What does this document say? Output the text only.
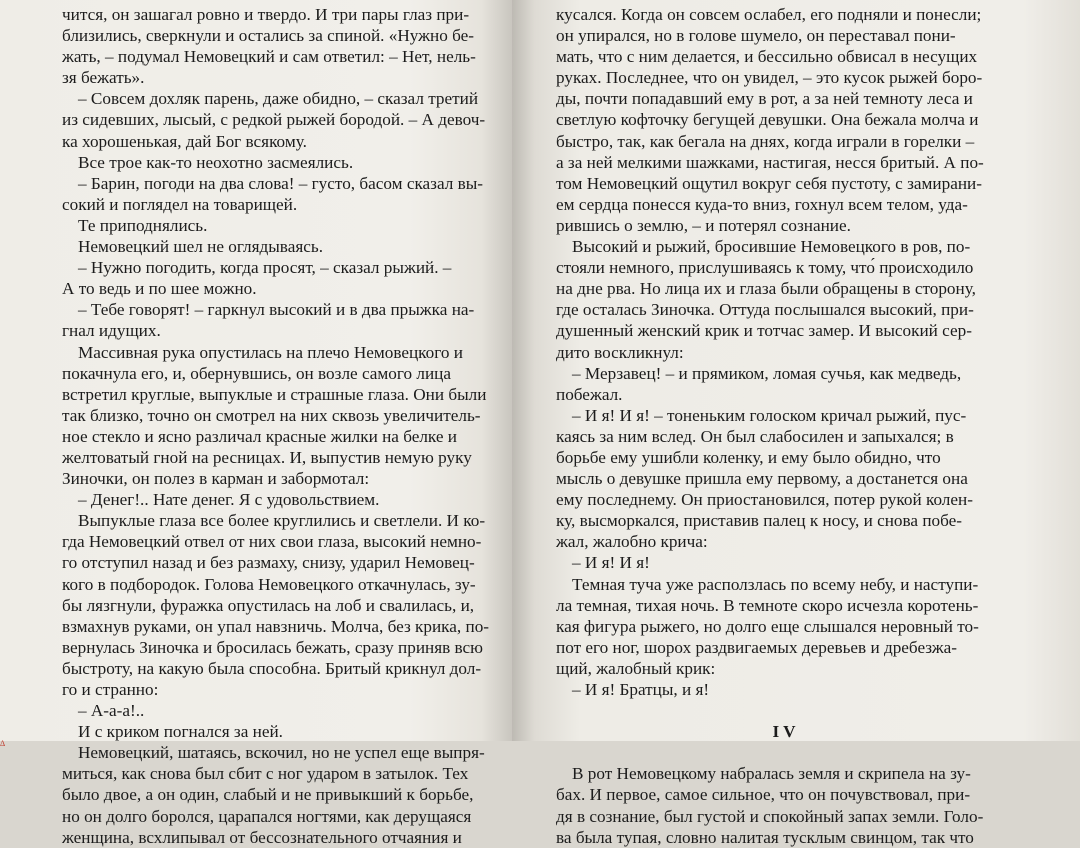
чится, он зашагал ровно и твердо. И три пары глаз при-
близились, сверкнули и остались за спиной. «Нужно бе-
жать, – подумал Немовецкий и сам ответил: – Нет, нель-
зя бежать».
– Совсем дохляк парень, даже обидно, – сказал третий
из сидевших, лысый, с редкой рыжей бородой. – А девоч-
ка хорошенькая, дай Бог всякому.
Все трое как-то неохотно засмеялись.
– Барин, погоди на два слова! – густо, басом сказал вы-
сокий и поглядел на товарищей.
Те приподнялись.
Немовецкий шел не оглядываясь.
– Нужно погодить, когда просят, – сказал рыжий. –
А то ведь и по шее можно.
– Тебе говорят! – гаркнул высокий и в два прыжка на-
гнал идущих.
Массивная рука опустилась на плечо Немовецкого и
покачнула его, и, обернувшись, он возле самого лица
встретил круглые, выпуклые и страшные глаза. Они были
так близко, точно он смотрел на них сквозь увеличитель-
ное стекло и ясно различал красные жилки на белке и
желтоватый гной на ресницах. И, выпустив немую руку
Зиночки, он полез в карман и забормотал:
– Денег!.. Нате денег. Я с удовольствием.
Выпуклые глаза все более круглились и светлели. И ко-
гда Немовецкий отвел от них свои глаза, высокий немно-
го отступил назад и без размаху, снизу, ударил Немовец-
кого в подбородок. Голова Немовецкого откачнулась, зу-
бы лязгнули, фуражка опустилась на лоб и свалилась, и,
взмахнув руками, он упал навзничь. Молча, без крика, по-
вернулась Зиночка и бросилась бежать, сразу приняв всю
быстроту, на какую была способна. Бритый крикнул дол-
го и странно:
– А-а-а!..
И с криком погнался за ней.
Немовецкий, шатаясь, вскочил, но не успел еще выпря-
миться, как снова был сбит с ног ударом в затылок. Тех
было двое, а он один, слабый и не привыкший к борьбе,
но он долго боролся, царапался ногтями, как дерущаяся
женщина, всхлипывал от бессознательного отчаяния и
Δ
кусался. Когда он совсем ослабел, его подняли и понесли;
он упирался, но в голове шумело, он переставал пони-
мать, что с ним делается, и бессильно обвисал в несущих
руках. Последнее, что он увидел, – это кусок рыжей боро-
ды, почти попадавший ему в рот, а за ней темноту леса и
светлую кофточку бегущей девушки. Она бежала молча и
быстро, так, как бегала на днях, когда играли в горелки –
а за ней мелкими шажками, настигая, несся бритый. А по-
том Немовецкий ощутил вокруг себя пустоту, с замирани-
ем сердца понесся куда-то вниз, гохнул всем телом, уда-
рившись о землю, – и потерял сознание.
Высокий и рыжий, бросившие Немовецкого в ров, по-
стояли немного, прислушиваясь к тому, что́ происходило
на дне рва. Но лица их и глаза были обращены в сторону,
где осталась Зиночка. Оттуда послышался высокий, при-
душенный женский крик и тотчас замер. И высокий сер-
дито воскликнул:
– Мерзавец! – и прямиком, ломая сучья, как медведь,
побежал.
– И я! И я! – тоненьким голоском кричал рыжий, пус-
каясь за ним вслед. Он был слабосилен и запыхался; в
борьбе ему ушибли коленку, и ему было обидно, что
мысль о девушке пришла ему первому, а достанется она
ему последнему. Он приостановился, потер рукой колен-
ку, высморкался, приставив палец к носу, и снова побе-
жал, жалобно крича:
– И я! И я!
Темная туча уже расползлась по всему небу, и наступи-
ла темная, тихая ночь. В темноте скоро исчезла коротень-
кая фигура рыжего, но долго еще слышался неровный то-
пот его ног, шорох раздвигаемых деревьев и дребезжа-
щий, жалобный крик:
– И я! Братцы, и я!
IV
В рот Немовецкому набралась земля и скрипела на зу-
бах. И первое, самое сильное, что он почувствовал, при-
дя в сознание, был густой и спокойный запах земли. Голо-
ва была тупая, словно налитая тусклым свинцом, так что
